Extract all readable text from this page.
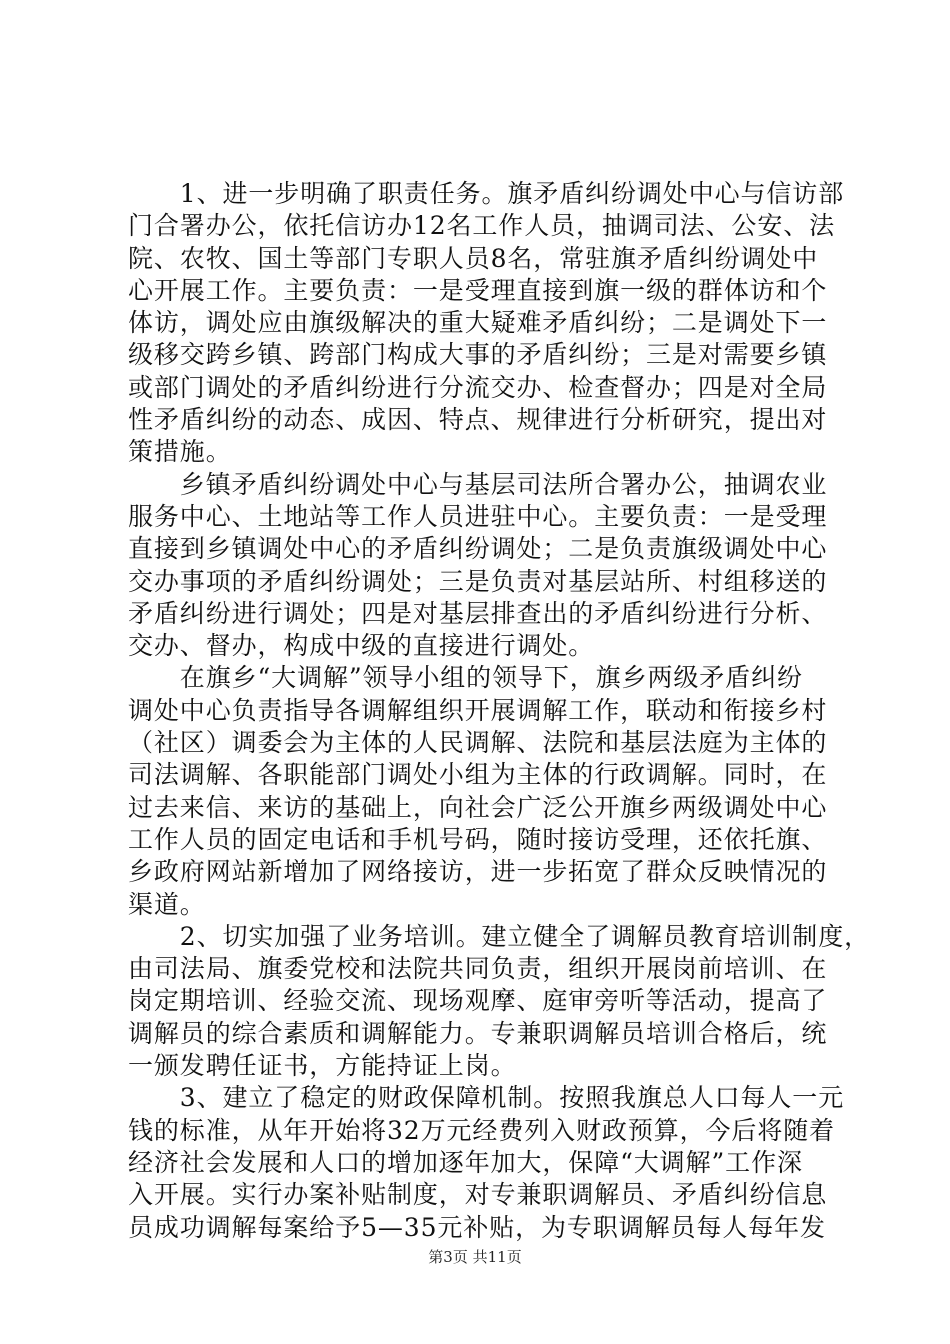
　　1、进一步明确了职责任务。旗矛盾纠纷调处中心与信访部
门合署办公，依托信访办12名工作人员，抽调司法、公安、法
院、农牧、国土等部门专职人员8名，常驻旗矛盾纠纷调处中
心开展工作。主要负责：一是受理直接到旗一级的群体访和个
体访，调处应由旗级解决的重大疑难矛盾纠纷；二是调处下一
级移交跨乡镇、跨部门构成大事的矛盾纠纷；三是对需要乡镇
或部门调处的矛盾纠纷进行分流交办、检查督办；四是对全局
性矛盾纠纷的动态、成因、特点、规律进行分析研究，提出对
策措施。
　　乡镇矛盾纠纷调处中心与基层司法所合署办公，抽调农业
服务中心、土地站等工作人员进驻中心。主要负责：一是受理
直接到乡镇调处中心的矛盾纠纷调处；二是负责旗级调处中心
交办事项的矛盾纠纷调处；三是负责对基层站所、村组移送的
矛盾纠纷进行调处；四是对基层排查出的矛盾纠纷进行分析、
交办、督办，构成中级的直接进行调处。
　　在旗乡“大调解”领导小组的领导下，旗乡两级矛盾纠纷
调处中心负责指导各调解组织开展调解工作，联动和衔接乡村
（社区）调委会为主体的人民调解、法院和基层法庭为主体的
司法调解、各职能部门调处小组为主体的行政调解。同时，在
过去来信、来访的基础上，向社会广泛公开旗乡两级调处中心
工作人员的固定电话和手机号码，随时接访受理，还依托旗、
乡政府网站新增加了网络接访，进一步拓宽了群众反映情况的
渠道。
　　2、切实加强了业务培训。建立健全了调解员教育培训制度，
由司法局、旗委党校和法院共同负责，组织开展岗前培训、在
岗定期培训、经验交流、现场观摩、庭审旁听等活动，提高了
调解员的综合素质和调解能力。专兼职调解员培训合格后，统
一颁发聘任证书，方能持证上岗。
　　3、建立了稳定的财政保障机制。按照我旗总人口每人一元
钱的标准，从年开始将32万元经费列入财政预算，今后将随着
经济社会发展和人口的增加逐年加大，保障“大调解”工作深
入开展。实行办案补贴制度，对专兼职调解员、矛盾纠纷信息
员成功调解每案给予5—35元补贴，为专职调解员每人每年发
第3页 共11页
